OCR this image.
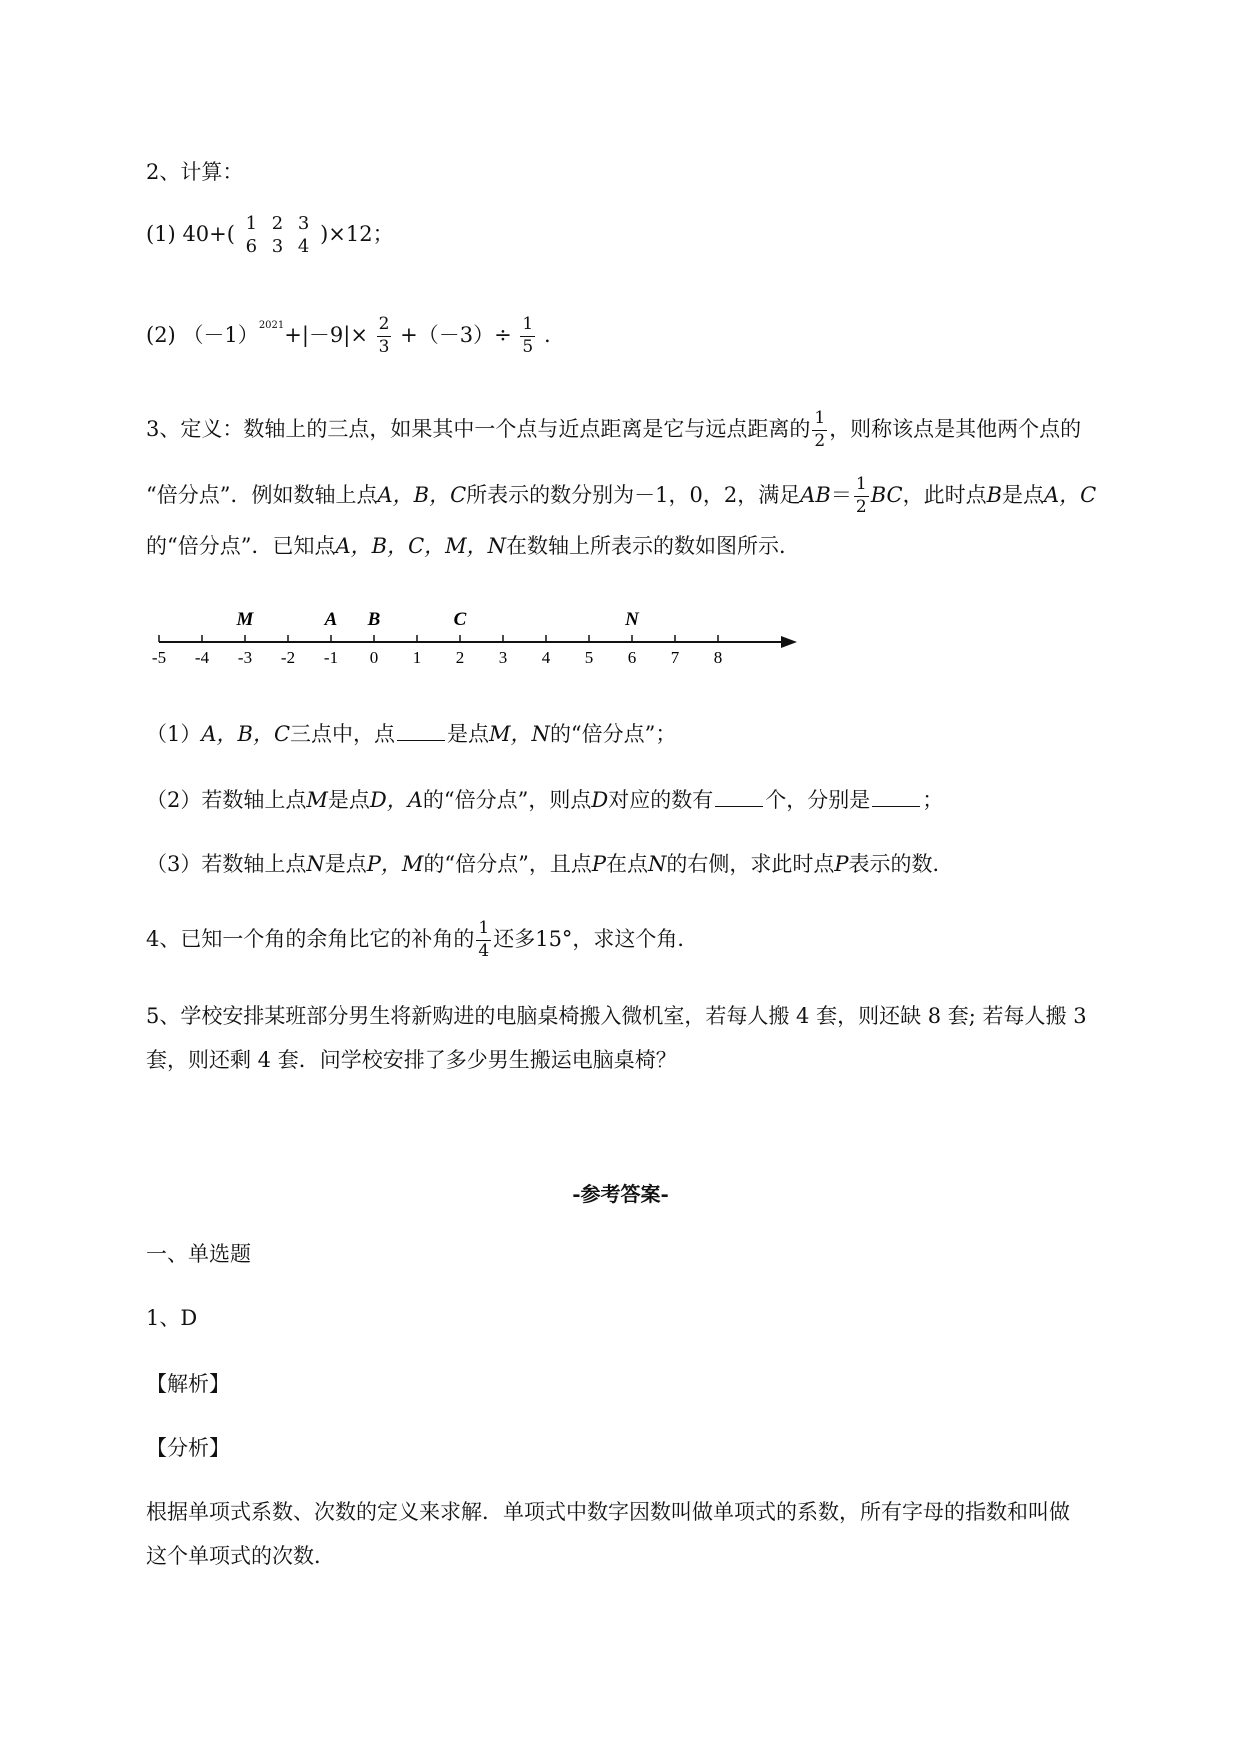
2、计算：
(1) 40+( 1
6

2
3

3
4
)×12；
(2) $(-1)^{2021}+|-9|\times \frac{2}{3} +(-3)\div \frac{1}{5}$ .
3、定义：数轴上的三点，如果其中一个点与近点距离是它与远点距离的 $\frac{1}{2}$ ，则称该点是其他两个点的
“倍分点”．例如数轴上点A，B，C所表示的数分别为－1，0，2，满足$AB= \frac{1}{2}$ BC，此时点B是点A，C
的“倍分点”．已知点A，B，C，M，N在数轴上所表示的数如图所示．
-5 -4 -3 -2 -1 0 1 2 3 4 5 6 7 8
M	A B	C	N
（1）A，B，C三点中，点 是点M，N的“倍分点”；
（2）若数轴上点M是点D，A的“倍分点”，则点D对应的数有 个，分别是 ；
（3）若数轴上点N是点P，M的“倍分点”，且点P在点N的右侧，求此时点P表示的数．
4、已知一个角的余角比它的补角的 $\frac{1}{4}$ 还多15°，求这个角．
5、学校安排某班部分男生将新购进的电脑桌椅搬入微机室，若每人搬 4 套，则还缺 8 套; 若每人搬 3
套，则还剩 4 套．问学校安排了多少男生搬运电脑桌椅？
-参考答案-
一、单选题
1、D
【解析】
【分析】
根据单项式系数、次数的定义来求解．单项式中数字因数叫做单项式的系数，所有字母的指数和叫做
这个单项式的次数．
